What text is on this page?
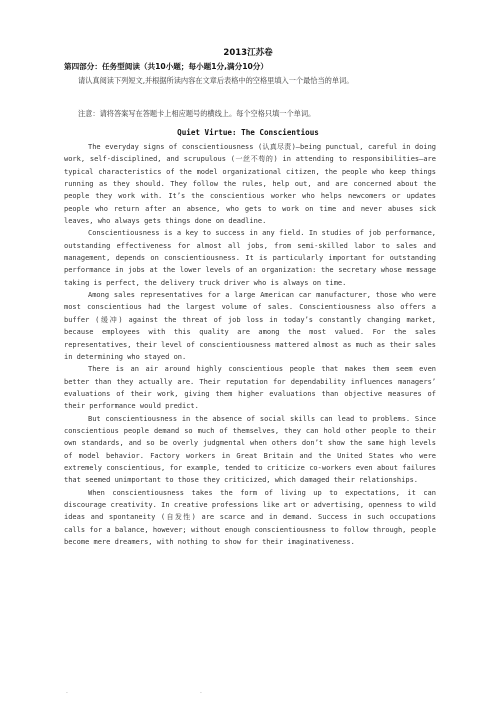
2013江苏卷
第四部分：任务型阅读（共10小题；每小题1分,满分10分）
请认真阅读下列短文,并根据所读内容在文章后表格中的空格里填入一个最恰当的单词。
注意：请将答案写在答题卡上相应题号的横线上。每个空格只填一个单词。
Quiet Virtue: The Conscientious

The everyday signs of conscientiousness (认真尽责)—being punctual, careful in doing work, self-disciplined, and scrupulous (一丝不苟的) in attending to responsibilities—are typical characteristics of the model organizational citizen, the people who keep things running as they should. They follow the rules, help out, and are concerned about the people they work with. It’s the conscientious worker who helps newcomers or updates people who return after an absence, who gets to work on time and never abuses sick leaves, who always gets things done on deadline.

Conscientiousness is a key to success in any field. In studies of job performance, outstanding effectiveness for almost all jobs, from semi-skilled labor to sales and management, depends on conscientiousness. It is particularly important for outstanding performance in jobs at the lower levels of an organization: the secretary whose message taking is perfect, the delivery truck driver who is always on time.

Among sales representatives for a large American car manufacturer, those who were most conscientious had the largest volume of sales. Conscientiousness also offers a buffer (缓冲) against the threat of job loss in today’s constantly changing market, because employees with this quality are among the most valued. For the sales representatives, their level of conscientiousness mattered almost as much as their sales in determining who stayed on.

There is an air around highly conscientious people that makes them seem even better than they actually are. Their reputation for dependability influences managers’ evaluations of their work, giving them higher evaluations than objective measures of their performance would predict.

But conscientiousness in the absence of social skills can lead to problems. Since conscientious people demand so much of themselves, they can hold other people to their own standards, and so be overly judgmental when others don’t show the same high levels of model behavior. Factory workers in Great Britain and the United States who were extremely conscientious, for example, tended to criticize co-workers even about failures that seemed unimportant to those they criticized, which damaged their relationships.

When conscientiousness takes the form of living up to expectations, it can discourage creativity. In creative professions like art or advertising, openness to wild ideas and spontaneity (自发性) are scarce and in demand. Success in such occupations calls for a balance, however; without enough conscientiousness to follow through, people become mere dreamers, with nothing to show for their imaginativeness.

.	.
